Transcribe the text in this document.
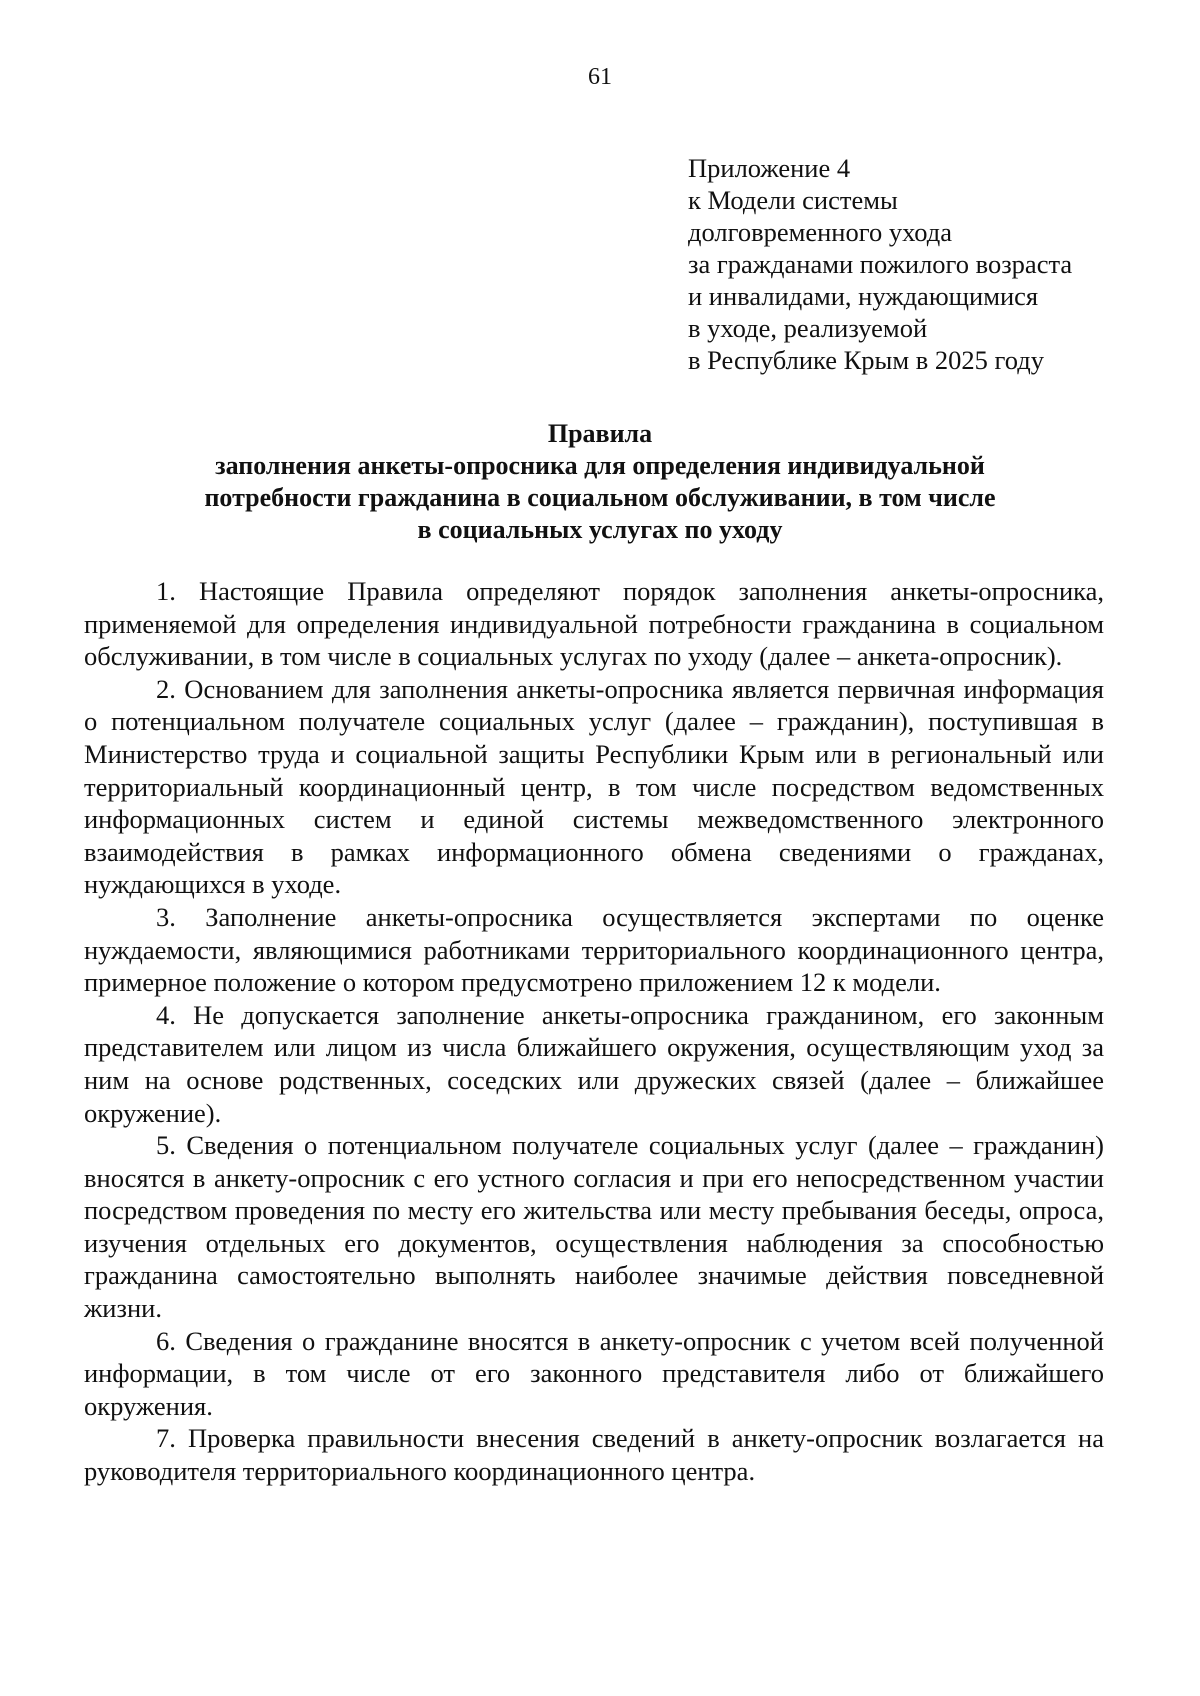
61
Приложение 4
к Модели системы
долговременного ухода
за гражданами пожилого возраста
и инвалидами, нуждающимися
в уходе, реализуемой
в Республике Крым в 2025 году
Правила
заполнения анкеты-опросника для определения индивидуальной
потребности гражданина в социальном обслуживании, в том числе
в социальных услугах по уходу

1. Настоящие Правила определяют порядок заполнения анкеты-опросника, применяемой для определения индивидуальной потребности гражданина в социальном обслуживании, в том числе в социальных услугах по уходу (далее – анкета-опросник).

2. Основанием для заполнения анкеты-опросника является первичная информация о потенциальном получателе социальных услуг (далее – гражданин), поступившая в Министерство труда и социальной защиты Республики Крым или в региональный или территориальный координационный центр, в том числе посредством ведомственных информационных систем и единой системы межведомственного электронного взаимодействия в рамках информационного обмена сведениями о гражданах, нуждающихся в уходе.

3. Заполнение анкеты-опросника осуществляется экспертами по оценке нуждаемости, являющимися работниками территориального координационного центра, примерное положение о котором предусмотрено приложением 12 к модели.

4. Не допускается заполнение анкеты-опросника гражданином, его законным представителем или лицом из числа ближайшего окружения, осуществляющим уход за ним на основе родственных, соседских или дружеских связей (далее – ближайшее окружение).

5. Сведения о потенциальном получателе социальных услуг (далее – гражданин) вносятся в анкету-опросник с его устного согласия и при его непосредственном участии посредством проведения по месту его жительства или месту пребывания беседы, опроса, изучения отдельных его документов, осуществления наблюдения за способностью гражданина самостоятельно выполнять наиболее значимые действия повседневной жизни.

6. Сведения о гражданине вносятся в анкету-опросник с учетом всей полученной информации, в том числе от его законного представителя либо от ближайшего окружения.

7. Проверка правильности внесения сведений в анкету-опросник возлагается на руководителя территориального координационного центра.
